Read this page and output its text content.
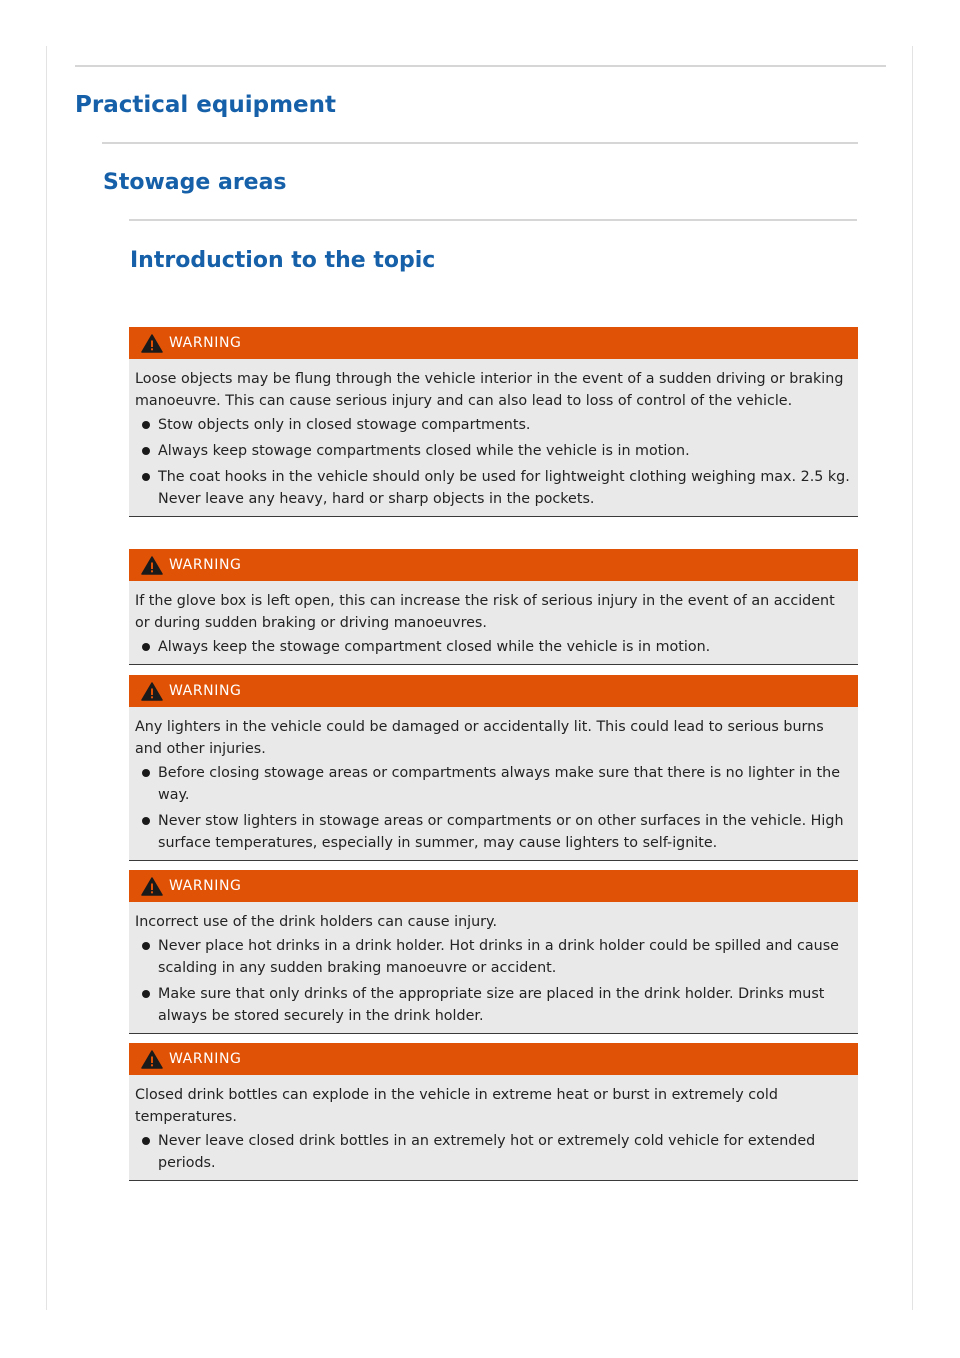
Practical equipment
Stowage areas
Introduction to the topic
WARNING

Loose objects may be flung through the vehicle interior in the event of a sudden driving or braking manoeuvre. This can cause serious injury and can also lead to loss of control of the vehicle.

Stow objects only in closed stowage compartments.
Always keep stowage compartments closed while the vehicle is in motion.
The coat hooks in the vehicle should only be used for lightweight clothing weighing max. 2.5 kg. Never leave any heavy, hard or sharp objects in the pockets.
WARNING

If the glove box is left open, this can increase the risk of serious injury in the event of an accident or during sudden braking or driving manoeuvres.

Always keep the stowage compartment closed while the vehicle is in motion.
WARNING

Any lighters in the vehicle could be damaged or accidentally lit. This could lead to serious burns and other injuries.

Before closing stowage areas or compartments always make sure that there is no lighter in the way.
Never stow lighters in stowage areas or compartments or on other surfaces in the vehicle. High surface temperatures, especially in summer, may cause lighters to self-ignite.
WARNING

Incorrect use of the drink holders can cause injury.

Never place hot drinks in a drink holder. Hot drinks in a drink holder could be spilled and cause scalding in any sudden braking manoeuvre or accident.
Make sure that only drinks of the appropriate size are placed in the drink holder. Drinks must always be stored securely in the drink holder.
WARNING

Closed drink bottles can explode in the vehicle in extreme heat or burst in extremely cold temperatures.

Never leave closed drink bottles in an extremely hot or extremely cold vehicle for extended periods.
